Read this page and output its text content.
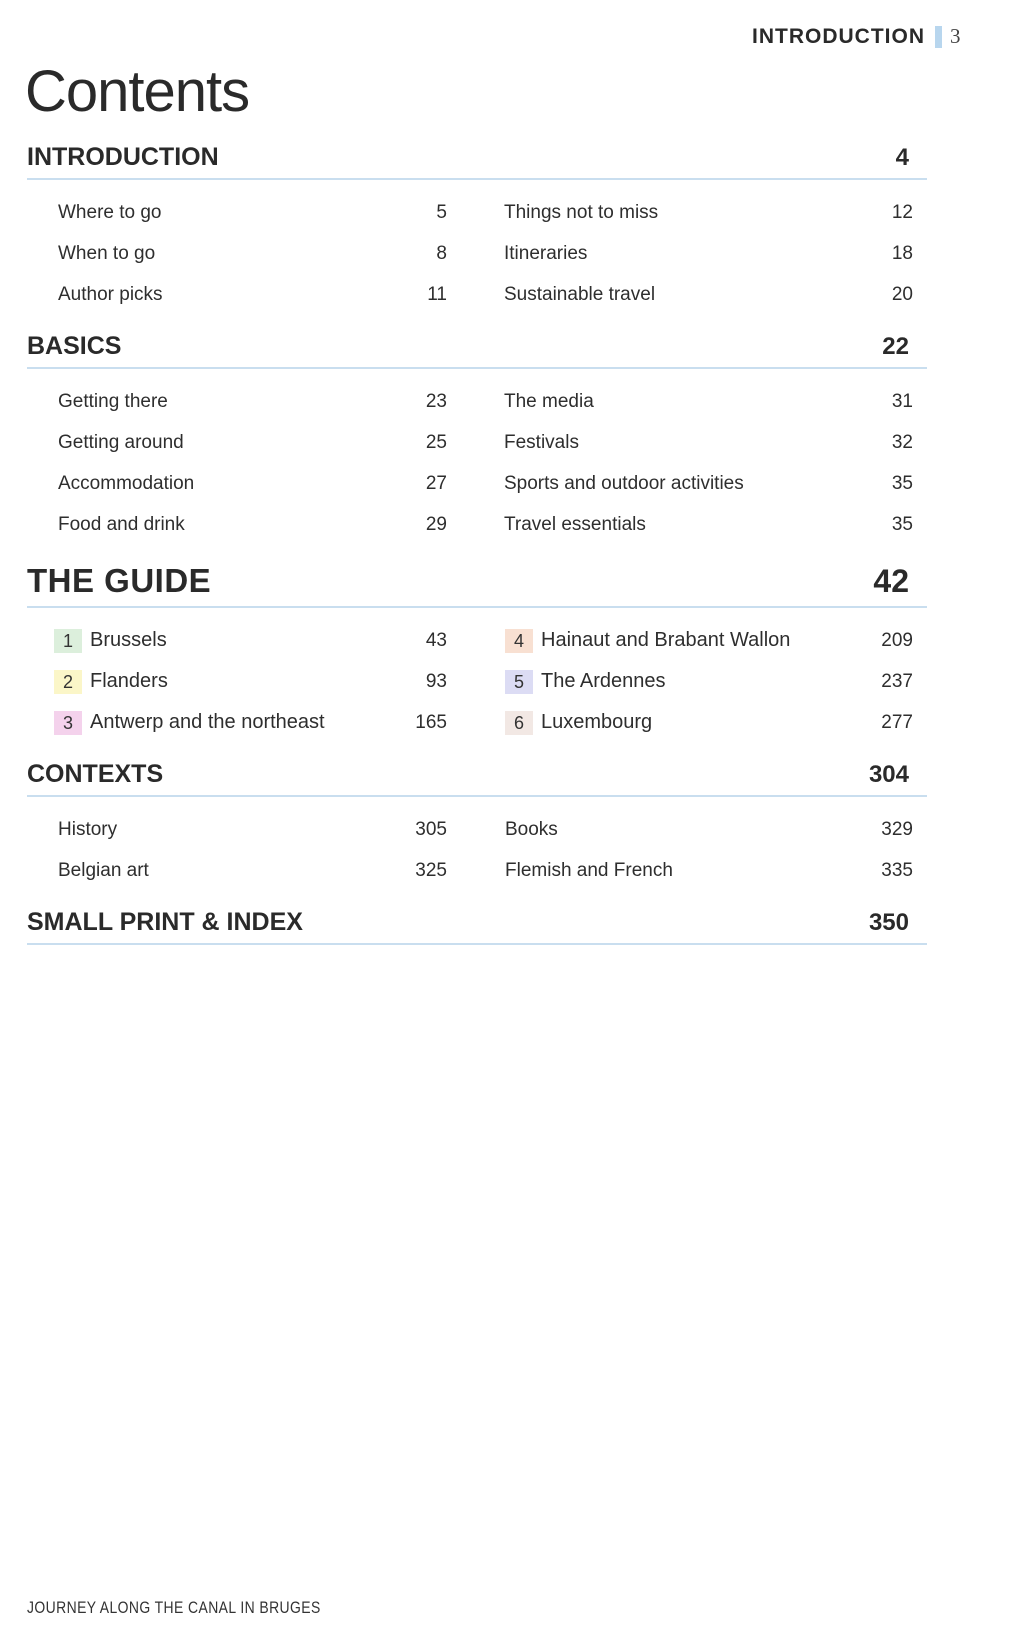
INTRODUCTION 3
Contents
INTRODUCTION	4
Where to go	5
When to go	8
Author picks	11
Things not to miss	12
Itineraries	18
Sustainable travel	20
BASICS	22
Getting there	23
Getting around	25
Accommodation	27
Food and drink	29
The media	31
Festivals	32
Sports and outdoor activities	35
Travel essentials	35
THE GUIDE	42
1 Brussels	43
2 Flanders	93
3 Antwerp and the northeast	165
4 Hainaut and Brabant Wallon	209
5 The Ardennes	237
6 Luxembourg	277
CONTEXTS	304
History	305
Belgian art	325
Books	329
Flemish and French	335
SMALL PRINT & INDEX	350
JOURNEY ALONG THE CANAL IN BRUGES
